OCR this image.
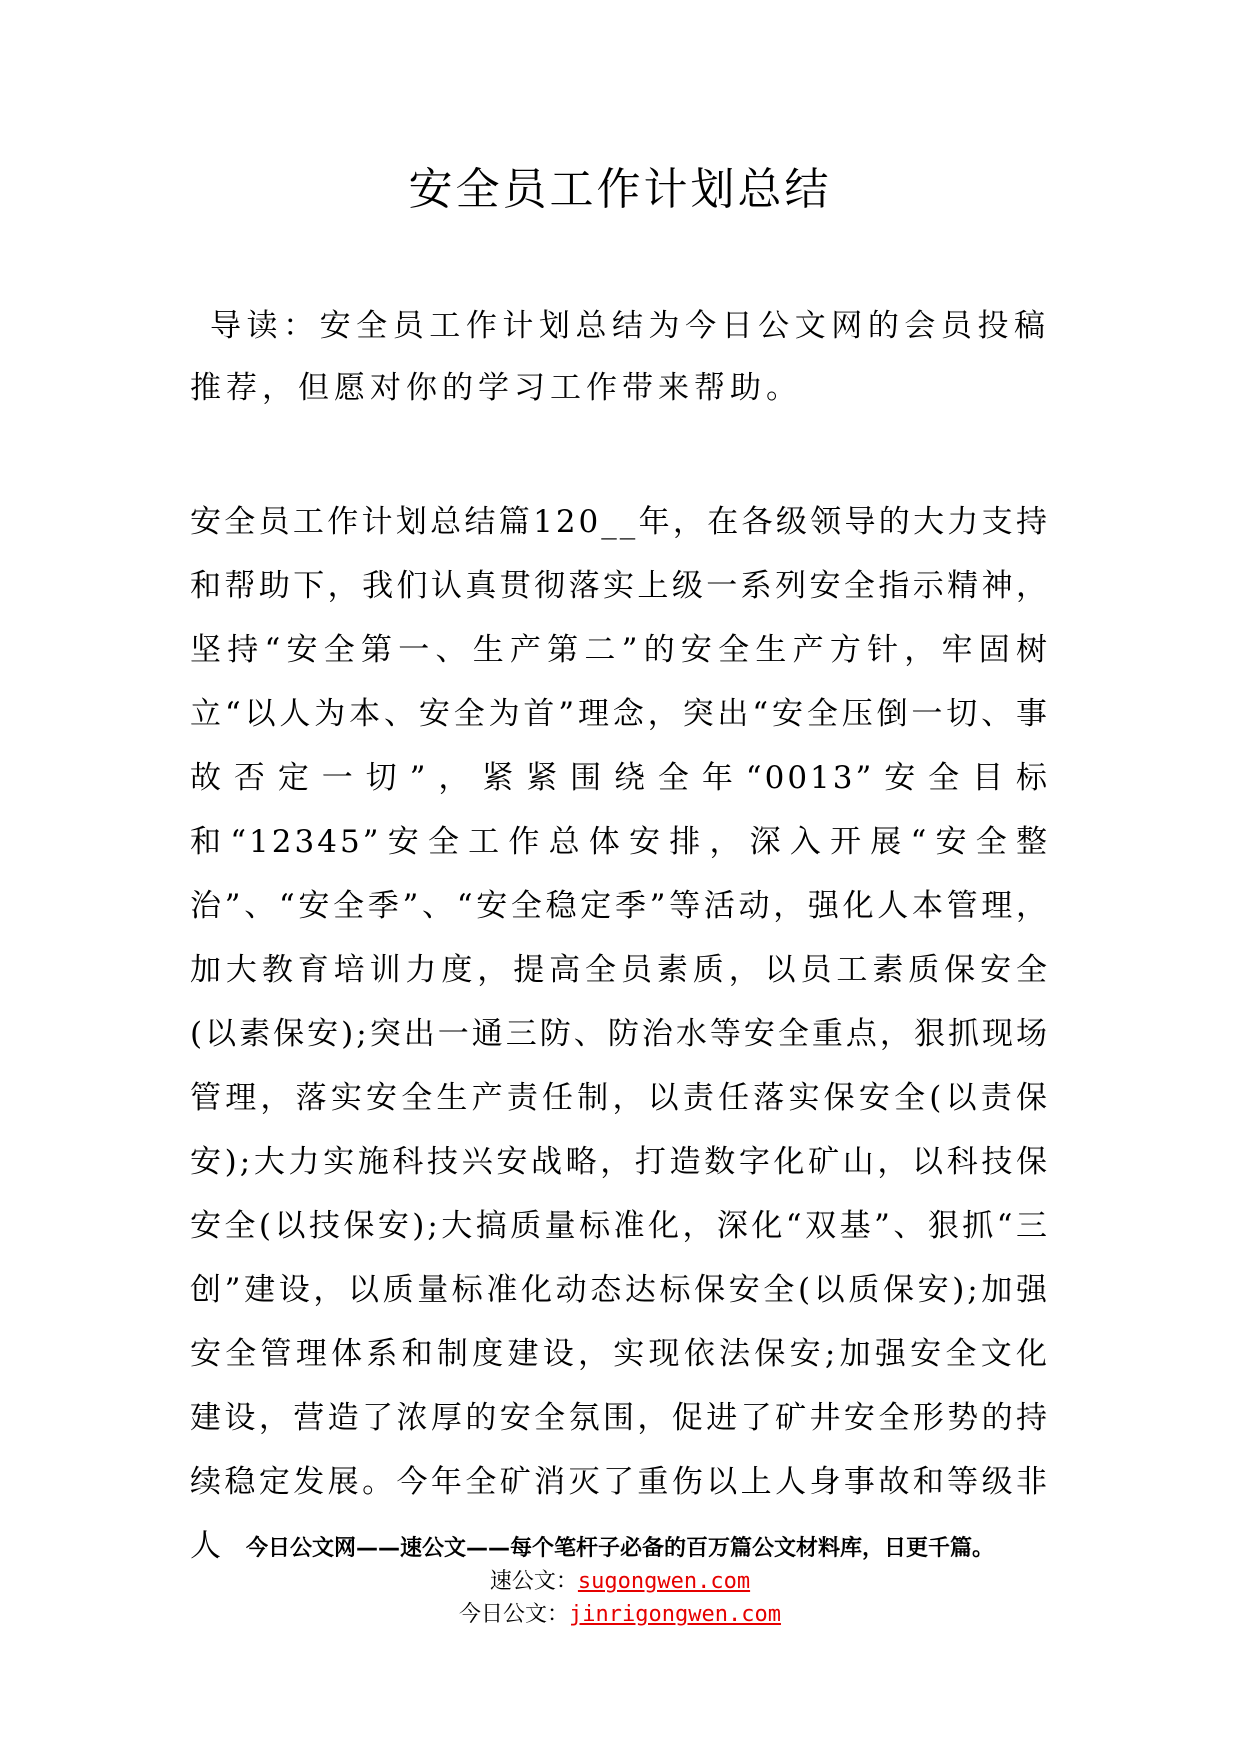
安全员工作计划总结
导读：安全员工作计划总结为今日公文网的会员投稿推荐，但愿对你的学习工作带来帮助。
安全员工作计划总结篇120__年，在各级领导的大力支持和帮助下，我们认真贯彻落实上级一系列安全指示精神，坚持“安全第一、生产第二”的安全生产方针，牢固树立“以人为本、安全为首”理念，突出“安全压倒一切、事故否定一切”，紧紧围绕全年“0013”安全目标和“12345”安全工作总体安排，深入开展“安全整治”、“安全季”、“安全稳定季”等活动，强化人本管理，加大教育培训力度，提高全员素质，以员工素质保安全(以素保安);突出一通三防、防治水等安全重点，狠抓现场管理，落实安全生产责任制，以责任落实保安全(以责保安);大力实施科技兴安战略，打造数字化矿山，以科技保安全(以技保安);大搞质量标准化，深化“双基”、狠抓“三创”建设，以质量标准化动态达标保安全(以质保安);加强安全管理体系和制度建设，实现依法保安;加强安全文化建设，营造了浓厚的安全氛围，促进了矿井安全形势的持续稳定发展。今年全矿消灭了重伤以上人身事故和等级非人 今日公文网——速公文——每个笔杆子必备的百万篇公文材料库，日更千篇。
速公文：sugongwen.com
今日公文：jinrigongwen.com
